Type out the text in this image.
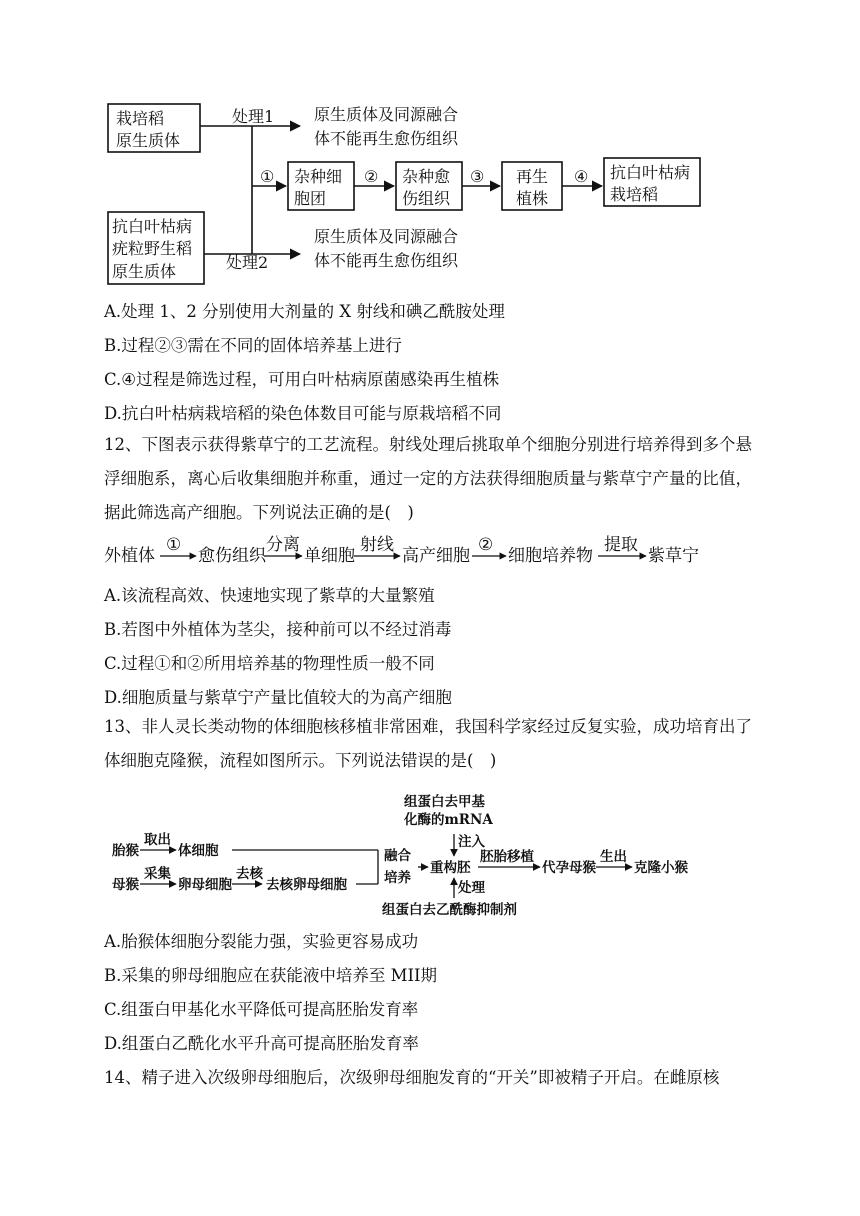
栽培稻
原生质体
抗白叶枯病
疣粒野生稻
原生质体
处理1
处理2
原生质体及同源融合
体不能再生愈伤组织
原生质体及同源融合
体不能再生愈伤组织
①	②	③	④
杂种细
胞团
杂种愈
伤组织
再生
植株
抗白叶枯病
栽培稻
A.处理 1、2 分别使用大剂量的 X 射线和碘乙酰胺处理
B.过程②③需在不同的固体培养基上进行
C.④过程是筛选过程，可用白叶枯病原菌感染再生植株
D.抗白叶枯病栽培稻的染色体数目可能与原栽培稻不同
12、下图表示获得紫草宁的工艺流程。射线处理后挑取单个细胞分别进行培养得到多个悬浮细胞系，离心后收集细胞并称重，通过一定的方法获得细胞质量与紫草宁产量的比值，据此筛选高产细胞。下列说法正确的是(　)
外植体
①
愈伤组织
分离
单细胞
射线
高产细胞
②
细胞培养物
提取
紫草宁
A.该流程高效、快速地实现了紫草的大量繁殖
B.若图中外植体为茎尖，接种前可以不经过消毒
C.过程①和②所用培养基的物理性质一般不同
D.细胞质量与紫草宁产量比值较大的为高产细胞
13、非人灵长类动物的体细胞核移植非常困难，我国科学家经过反复实验，成功培育出了体细胞克隆猴，流程如图所示。下列说法错误的是(　)
胎猴
取出
体细胞
母猴
采集
卵母细胞
去核
去核卵母细胞
融合
培养
重构胚
胚胎移植
代孕母猴
生出
克隆小猴
组蛋白去甲基
化酶的mRNA
注入
处理
组蛋白去乙酰酶抑制剂
A.胎猴体细胞分裂能力强，实验更容易成功
B.采集的卵母细胞应在获能液中培养至 MII期
C.组蛋白甲基化水平降低可提高胚胎发育率
D.组蛋白乙酰化水平升高可提高胚胎发育率
14、精子进入次级卵母细胞后，次级卵母细胞发育的“开关”即被精子开启。在雌原核
